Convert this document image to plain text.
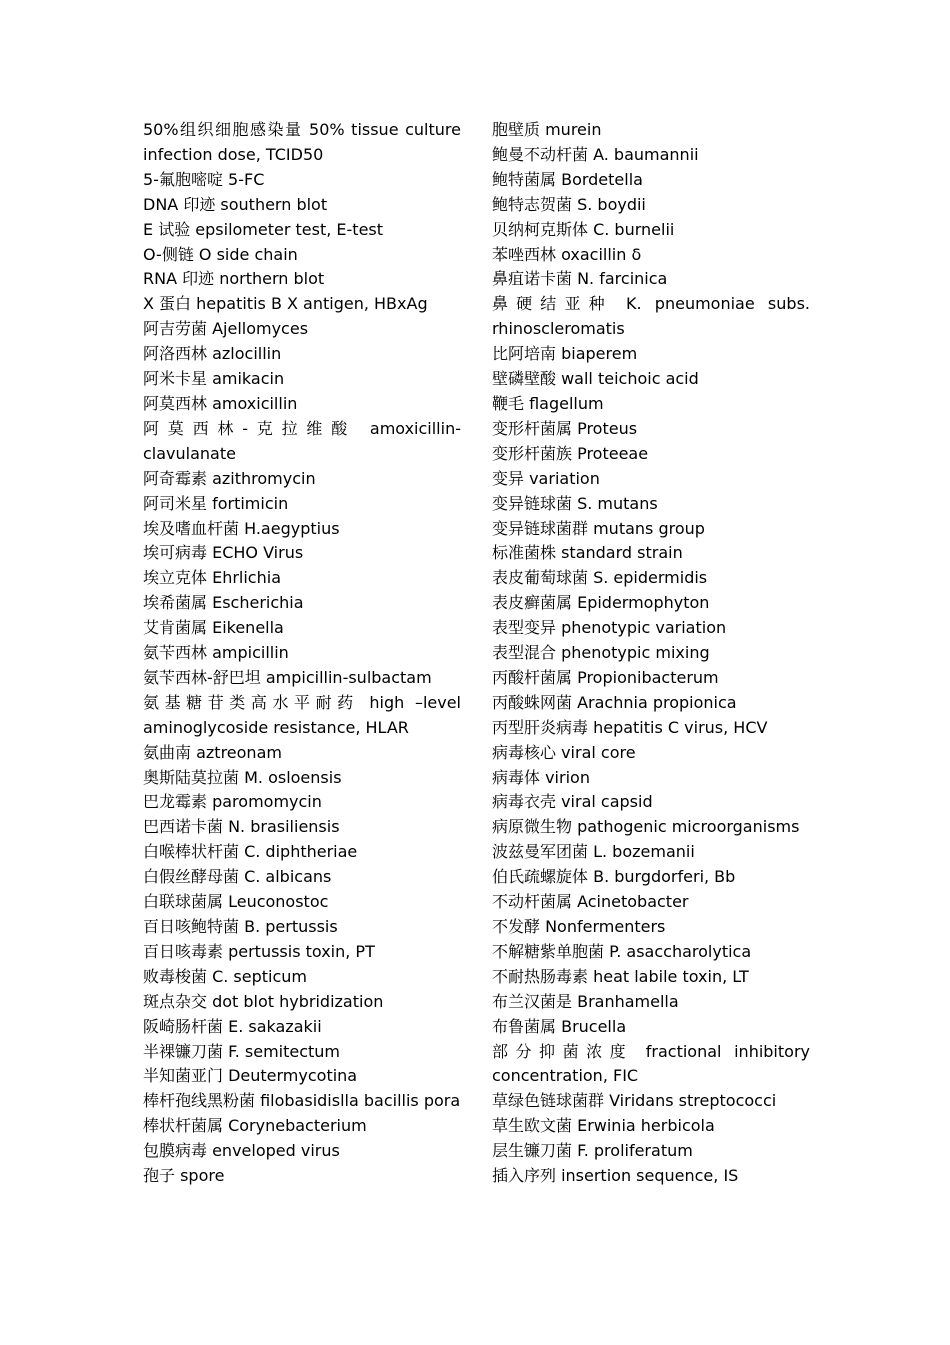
50%组织细胞感染量 50% tissue culture infection dose, TCID50

5-氟胞嘧啶 5-FC

DNA 印迹 southern blot

E 试验 epsilometer test, E-test

O-侧链 O side chain

RNA 印迹 northern blot

X 蛋白 hepatitis B X antigen, HBxAg

阿吉劳菌 Ajellomyces

阿洛西林 azlocillin

阿米卡星 amikacin

阿莫西林 amoxicillin

阿莫西林-克拉维酸 amoxicillin-clavulanate

阿奇霉素 azithromycin

阿司米星 fortimicin

埃及嗜血杆菌 H.aegyptius

埃可病毒 ECHO Virus

埃立克体 Ehrlichia

埃希菌属 Escherichia

艾肯菌属 Eikenella

氨苄西林 ampicillin

氨苄西林-舒巴坦 ampicillin-sulbactam

氨基糖苷类高水平耐药 high –level aminoglycoside resistance, HLAR

氨曲南 aztreonam

奥斯陆莫拉菌 M. osloensis

巴龙霉素 paromomycin

巴西诺卡菌 N. brasiliensis

白喉棒状杆菌 C. diphtheriae

白假丝酵母菌 C. albicans

白联球菌属 Leuconostoc

百日咳鲍特菌 B. pertussis

百日咳毒素 pertussis toxin, PT

败毒梭菌 C. septicum

斑点杂交 dot blot hybridization

阪崎肠杆菌 E. sakazakii

半裸镰刀菌 F. semitectum

半知菌亚门 Deutermycotina

棒杆孢线黑粉菌 filobasidislla bacillis pora

棒状杆菌属 Corynebacterium

包膜病毒 enveloped virus

孢子 spore

胞壁质 murein

鲍曼不动杆菌 A. baumannii

鲍特菌属 Bordetella

鲍特志贺菌 S. boydii

贝纳柯克斯体 C. burnelii

苯唑西林 oxacillin δ

鼻疽诺卡菌 N. farcinica

鼻硬结亚种 K. pneumoniae subs. rhinoscleromatis

比阿培南 biaperem

壁磷壁酸 wall teichoic acid

鞭毛 flagellum

变形杆菌属 Proteus

变形杆菌族 Proteeae

变异 variation

变异链球菌 S. mutans

变异链球菌群 mutans group

标准菌株 standard strain

表皮葡萄球菌 S. epidermidis

表皮癣菌属 Epidermophyton

表型变异 phenotypic variation

表型混合 phenotypic mixing

丙酸杆菌属 Propionibacterum

丙酸蛛网菌 Arachnia propionica

丙型肝炎病毒 hepatitis C virus, HCV

病毒核心 viral core

病毒体 virion

病毒衣壳 viral capsid

病原微生物 pathogenic microorganisms

波兹曼军团菌 L. bozemanii

伯氏疏螺旋体 B. burgdorferi, Bb

不动杆菌属 Acinetobacter

不发酵 Nonfermenters

不解糖紫单胞菌 P. asaccharolytica

不耐热肠毒素 heat labile toxin, LT

布兰汉菌是 Branhamella

布鲁菌属 Brucella

部分抑菌浓度 fractional inhibitory concentration, FIC

草绿色链球菌群 Viridans streptococci

草生欧文菌 Erwinia herbicola

层生镰刀菌 F. proliferatum

插入序列 insertion sequence, IS
